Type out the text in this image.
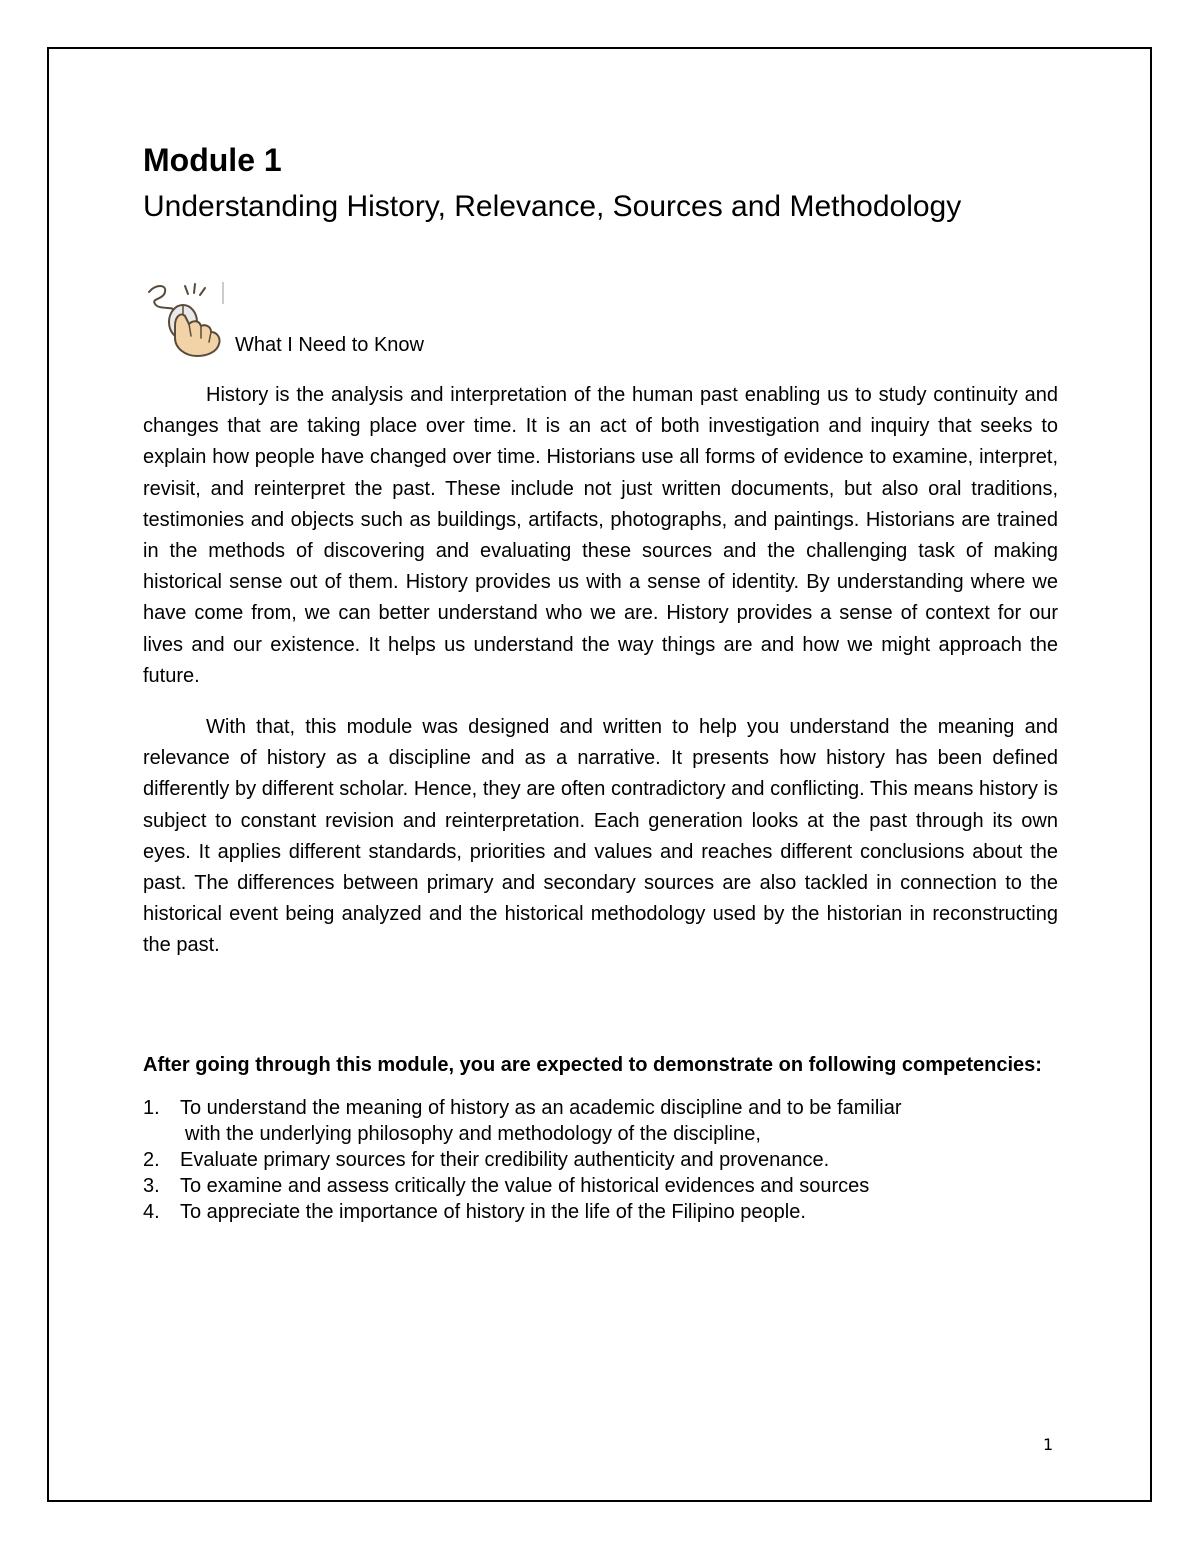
Module 1
Understanding History, Relevance, Sources and Methodology
What I Need to Know

History is the analysis and interpretation of the human past enabling us to study continuity and changes that are taking place over time. It is an act of both investigation and inquiry that seeks to explain how people have changed over time. Historians use all forms of evidence to examine, interpret, revisit, and reinterpret the past. These include not just written documents, but also oral traditions, testimonies and objects such as buildings, artifacts, photographs, and paintings. Historians are trained in the methods of discovering and evaluating these sources and the challenging task of making historical sense out of them. History provides us with a sense of identity. By understanding where we have come from, we can better understand who we are. History provides a sense of context for our lives and our existence. It helps us understand the way things are and how we might approach the future.

With that, this module was designed and written to help you understand the meaning and relevance of history as a discipline and as a narrative. It presents how history has been defined differently by different scholar. Hence, they are often contradictory and conflicting. This means history is subject to constant revision and reinterpretation. Each generation looks at the past through its own eyes. It applies different standards, priorities and values and reaches different conclusions about the past. The differences between primary and secondary sources are also tackled in connection to the historical event being analyzed and the historical methodology used by the historian in reconstructing the past.

After going through this module, you are expected to demonstrate on following competencies:

1. To understand the meaning of history as an academic discipline and to be familiar
with the underlying philosophy and methodology of the discipline,
2. Evaluate primary sources for their credibility authenticity and provenance.
3. To examine and assess critically the value of historical evidences and sources
4. To appreciate the importance of history in the life of the Filipino people.
1
